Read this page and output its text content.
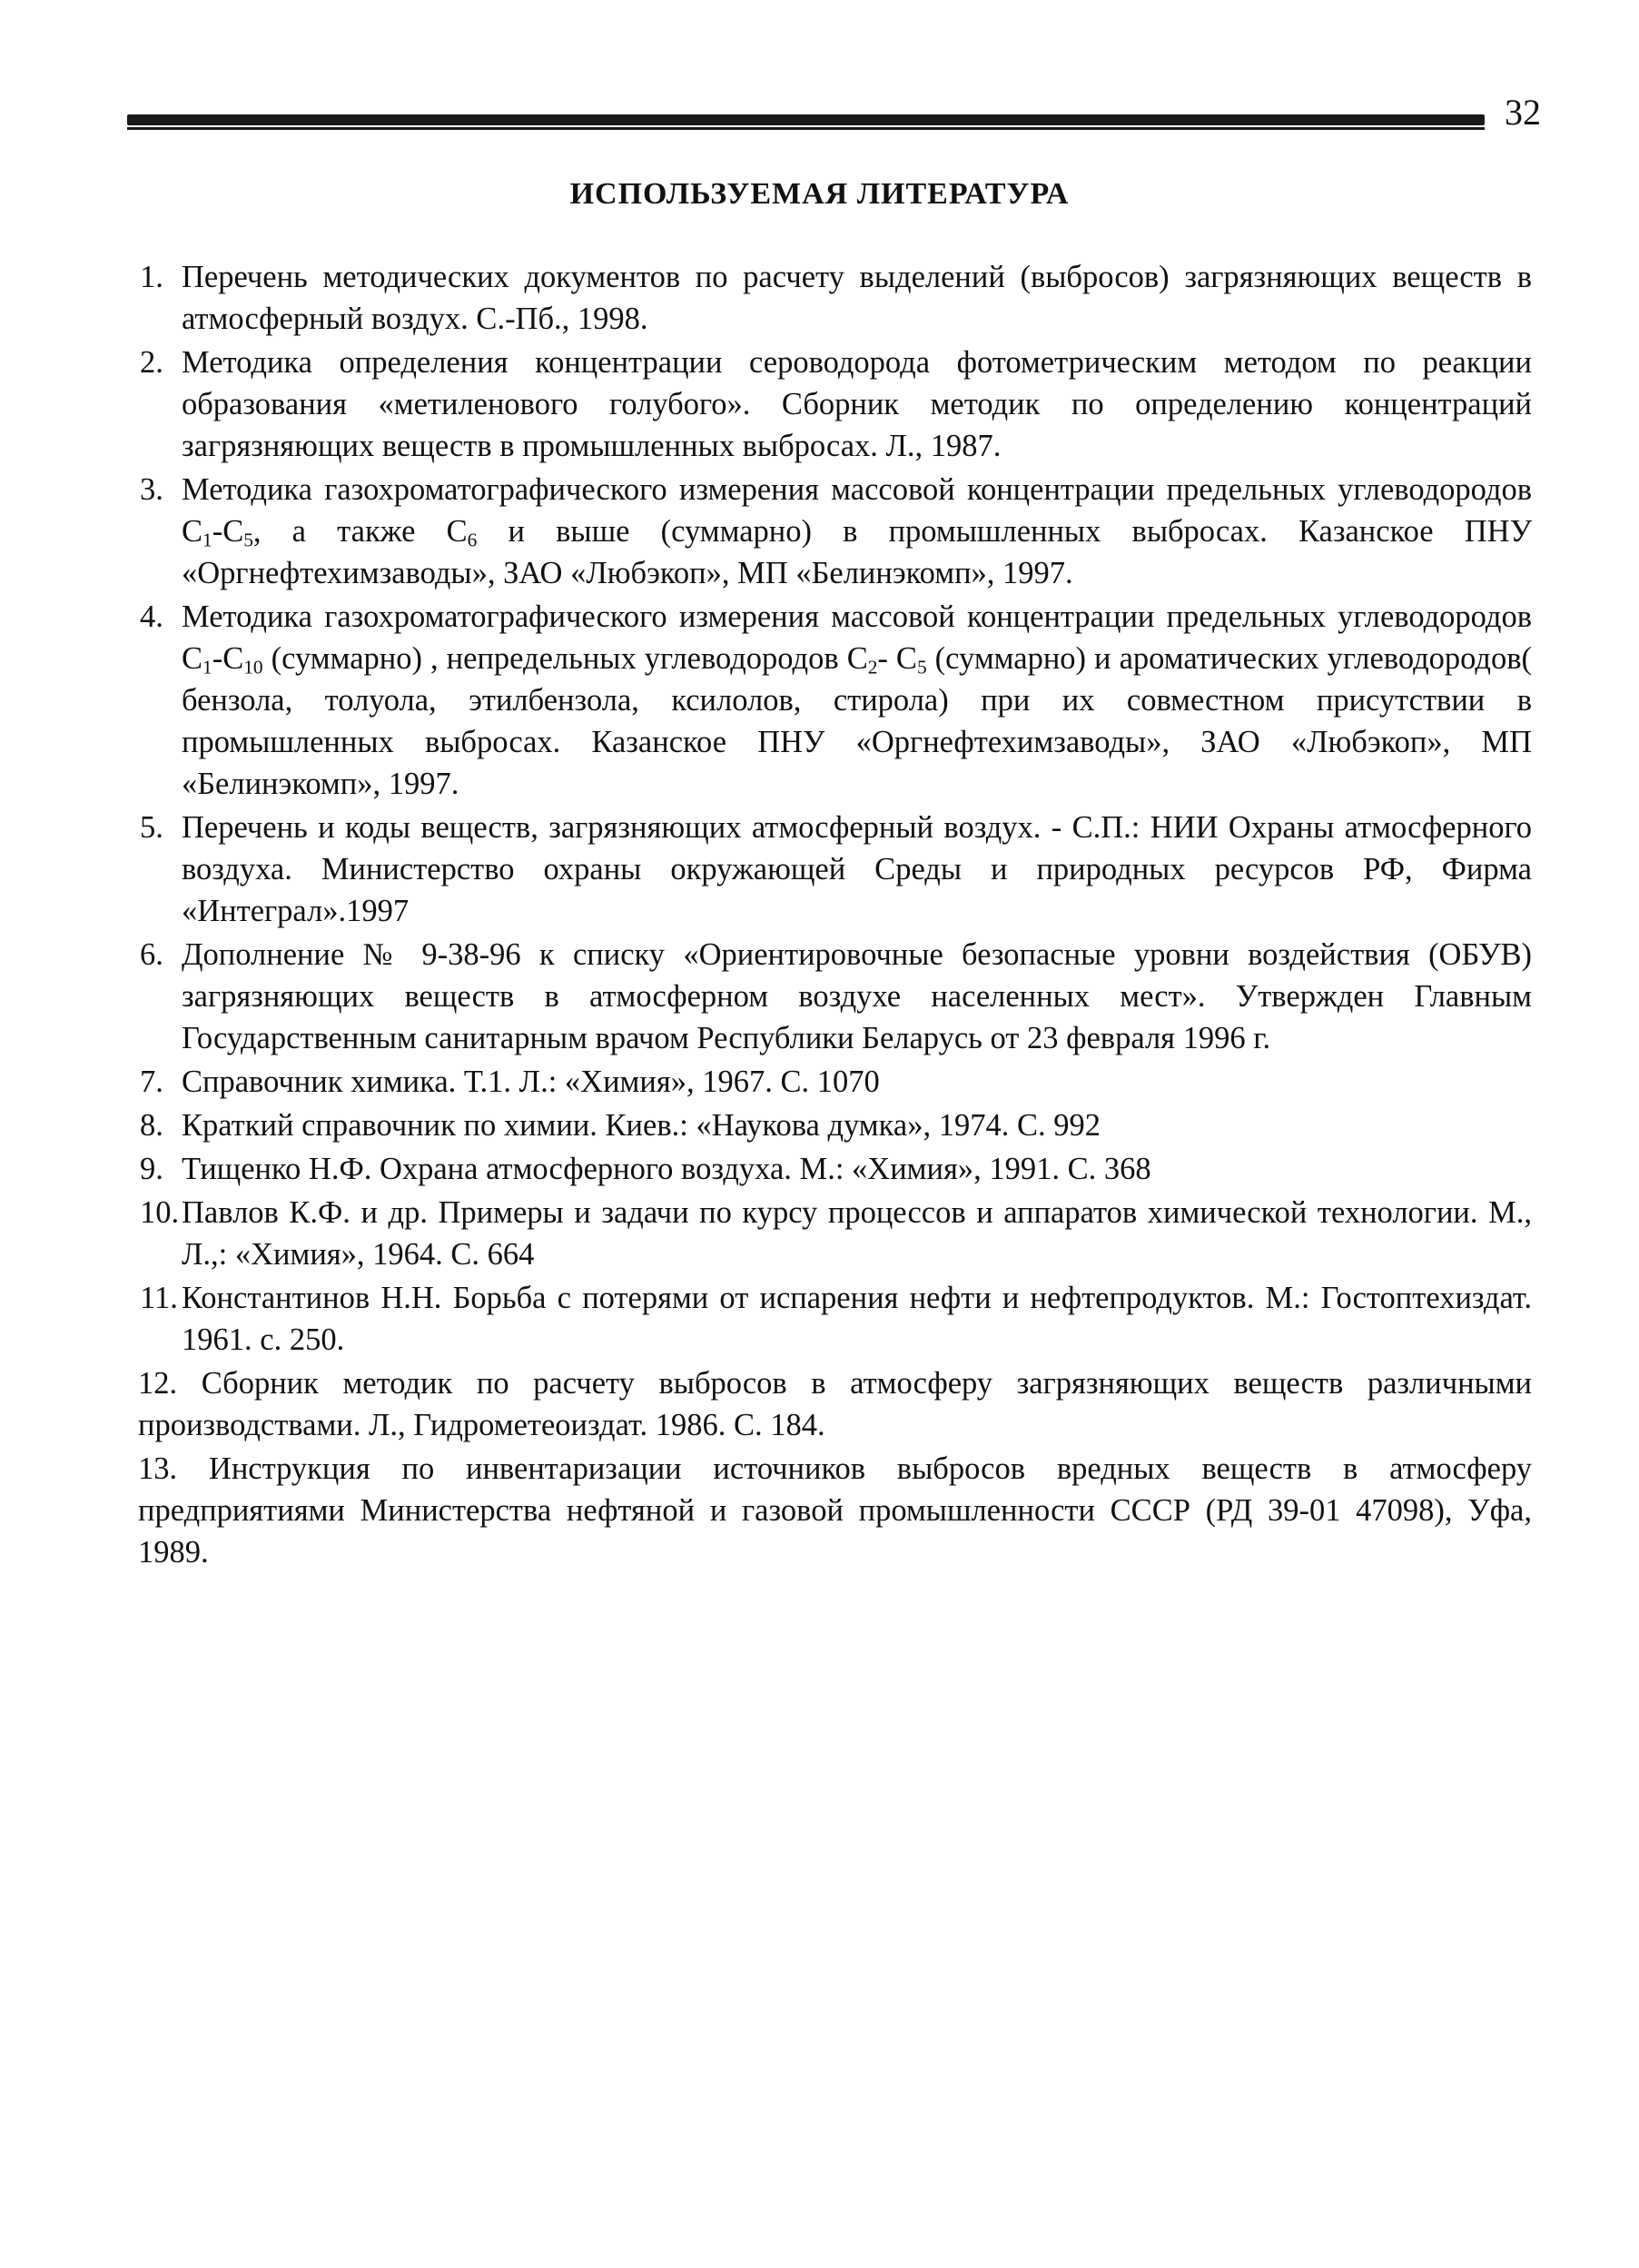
32
ИСПОЛЬЗУЕМАЯ ЛИТЕРАТУРА
1. Перечень методических документов по расчету выделений (выбросов) загрязняющих веществ в атмосферный воздух. С.-Пб., 1998.
2. Методика определения концентрации сероводорода фотометрическим методом по реакции образования «метиленового голубого». Сборник методик по определению концентраций загрязняющих веществ в промышленных выбросах. Л., 1987.
3. Методика газохроматографического измерения массовой концентрации предельных углеводородов $С_1-С_5$, а также $С_6$ и выше (суммарно) в промышленных выбросах. Казанское ПНУ «Оргнефтехимзаводы», ЗАО «Любэкоп», МП «Белинэкомп», 1997.
4. Методика газохроматографического измерения массовой концентрации предельных углеводородов $С_1-С_{10}$ (суммарно) , непредельных углеводородов $С_2-$ $С_5$ (суммарно) и ароматических углеводородов( бензола, толуола, этилбензола, ксилолов, стирола) при их совместном присутствии в промышленных выбросах. Казанское ПНУ «Оргнефтехимзаводы», ЗАО «Любэкоп», МП «Белинэкомп», 1997.
5. Перечень и коды веществ, загрязняющих атмосферный воздух. - С.П.: НИИ Охраны атмосферного воздуха. Министерство охраны окружающей Среды и природных ресурсов РФ, Фирма «Интеграл».1997
6. Дополнение № 9-38-96 к списку «Ориентировочные безопасные уровни воздействия (ОБУВ) загрязняющих веществ в атмосферном воздухе населенных мест». Утвержден Главным Государственным санитарным врачом Республики Беларусь от 23 февраля 1996 г.
7. Справочник химика. Т.1. Л.: «Химия», 1967. С. 1070
8. Краткий справочник по химии. Киев.: «Наукова думка», 1974. С. 992
9. Тищенко Н.Ф. Охрана атмосферного воздуха. М.: «Химия», 1991. С. 368
10. Павлов К.Ф. и др. Примеры и задачи по курсу процессов и аппаратов химической технологии. М., Л.,: «Химия», 1964. С. 664
11. Константинов Н.Н. Борьба с потерями от испарения нефти и нефтепродуктов. М.: Гостоптехиздат. 1961. с. 250.
12. Сборник методик по расчету выбросов в атмосферу загрязняющих веществ различными производствами. Л., Гидрометеоиздат. 1986. С. 184.
13. Инструкция по инвентаризации источников выбросов вредных веществ в атмосферу предприятиями Министерства нефтяной и газовой промышленности СССР (РД 39-01 47098), Уфа, 1989.
